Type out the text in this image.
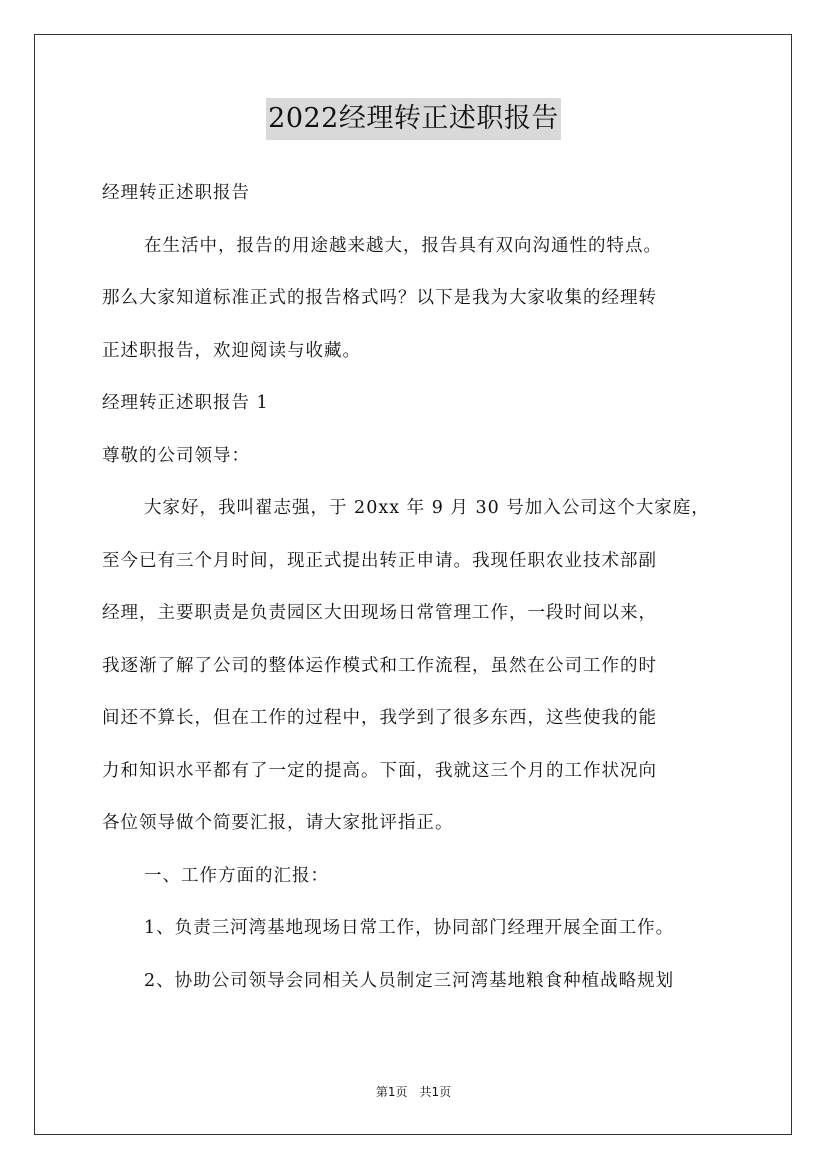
2022经理转正述职报告
经理转正述职报告
在生活中，报告的用途越来越大，报告具有双向沟通性的特点。
那么大家知道标准正式的报告格式吗？以下是我为大家收集的经理转
正述职报告，欢迎阅读与收藏。
经理转正述职报告 1
尊敬的公司领导：
大家好，我叫翟志强，于 20xx 年 9 月 30 号加入公司这个大家庭，
至今已有三个月时间，现正式提出转正申请。我现任职农业技术部副
经理，主要职责是负责园区大田现场日常管理工作，一段时间以来，
我逐渐了解了公司的整体运作模式和工作流程，虽然在公司工作的时
间还不算长，但在工作的过程中，我学到了很多东西，这些使我的能
力和知识水平都有了一定的提高。下面，我就这三个月的工作状况向
各位领导做个简要汇报，请大家批评指正。
一、工作方面的汇报：
1、负责三河湾基地现场日常工作，协同部门经理开展全面工作。
2、协助公司领导会同相关人员制定三河湾基地粮食种植战略规划
第1页　共1页
